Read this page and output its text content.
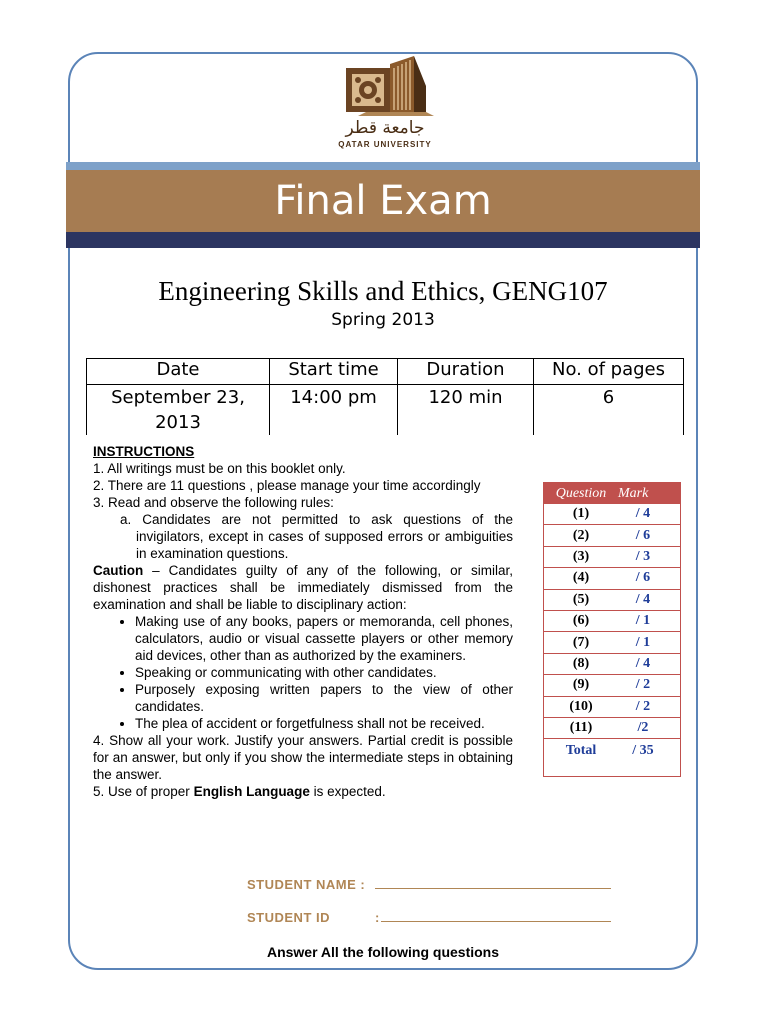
جامعة قطر
QATAR UNIVERSITY
Final Exam
Engineering Skills and Ethics, GENG107
Spring 2013
Date	Start time	Duration	No. of pages
September 23, 2013	14:00 pm	120 min	6
INSTRUCTIONS
1. All writings must be on this booklet only.
2. There are 11 questions , please manage your time accordingly
3. Read and observe the following rules:
a. Candidates are not permitted to ask questions of the invigilators, except in cases of supposed errors or ambiguities in examination questions.
Caution – Candidates guilty of any of the following, or similar, dishonest practices shall be immediately dismissed from the examination and shall be liable to disciplinary action:
• Making use of any books, papers or memoranda, cell phones, calculators, audio or visual cassette players or other memory aid devices, other than as authorized by the examiners.
• Speaking or communicating with other candidates.
• Purposely exposing written papers to the view of other candidates.
• The plea of accident or forgetfulness shall not be received.
4. Show all your work. Justify your answers. Partial credit is possible for an answer, but only if you show the intermediate steps in obtaining the answer.
5. Use of proper English Language is expected.
Question Mark
(1)	/ 4
(2)	/ 6
(3)	/ 3
(4)	/ 6
(5)	/ 4
(6)	/ 1
(7)	/ 1
(8)	/ 4
(9)	/ 2
(10)	/ 2
(11)	/2
Total	/ 35
STUDENT NAME :
STUDENT ID	:
Answer All the following questions
